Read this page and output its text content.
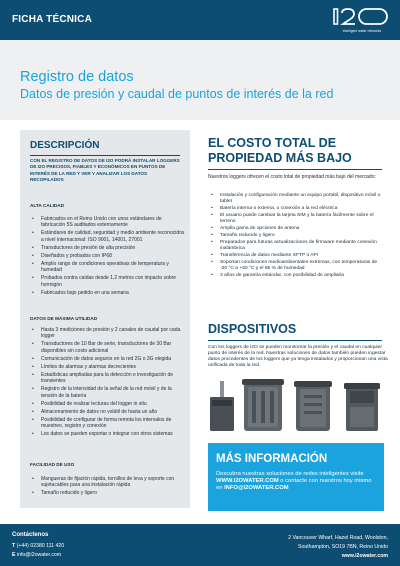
FICHA TÉCNICA
intelligent water networks
Registro de datos
Datos de presión y caudal de puntos de interés de la red
DESCRIPCIÓN
CON EL REGISTRO DE DATOS DE I2O PODRÁ INSTALAR LOGGERS DE I2O PRECISOS, FIABLES Y ECONÓMICOS EN PUNTOS DE INTERÉS DE LA RED Y VER Y ANALIZAR LOS DATOS RECOPILADOS
ALTA CALIDAD
• Fabricados en el Reino Unido con unos estándares de fabricación 5S auditados externamente
• Estándares de calidad, seguridad y medio ambiente reconocidos a nivel internacional: ISO 9001, 14001, 27001
• Transductores de presión de alta precisión
• Diseñados y probados con IP68
• Amplio rango de condiciones operativas de temperatura y humedad
• Probados contra caídas desde 1,2 metros con impacto sobre hormigón
• Fabricados bajo pedido en una semana
DATOS DE MÁXIMA UTILIDAD
• Hasta 3 mediciones de presión y 2 canales de caudal por cada logger
• Transductores de 10 Bar de serie, transductores de 30 Bar disponibles sin costo adicional
• Comunicación de datos seguros en la red 2G o 3G elegida
• Límites de alarmas y alarmas decrecientes
• Estadísticas ampliadas para la detección e investigación de transientes
• Registro de la intensidad de la señal de la red móvil y de la tensión de la batería
• Posibilidad de realizar lecturas del logger in situ
• Almacenamiento de datos no volátil de hasta un año
• Posibilidad de configurar de forma remota los intervalos de muestreo, registro y conexión
• Los datos se pueden exportar o integrar con otros sistemas
FACILIDAD DE USO
• Mangueras de fijación rápida, tornillos de leva y soporte con sujetacables para una instalación rápida
• Tamaño reducido y ligero
EL COSTO TOTAL DE PROPIEDAD MÁS BAJO
Nuestros loggers ofrecen el costo total de propiedad más bajo del mercado:
• Instalación y configuración mediante un equipo portátil, dispositivo móvil o tablet
• Batería interna o externa, o conexión a la red eléctrica
• El usuario puede cambiar la tarjeta SIM y la batería fácilmente sobre el terreno
• Amplia gama de opciones de antena
• Tamaño reducido y ligero
• Preparados para futuras actualizaciones de firmware mediante conexión inalámbrica
• Transferencia de datos mediante SFTP o API
• Soportan condiciones medioambientales extremas, con temperaturas de -20 °C a +50 °C y el 85 % de humedad
• 3 años de garantía estándar, con posibilidad de ampliarla
DISPOSITIVOS
Con los loggers de i2O se pueden monitorear la presión y el caudal en cualquier punto de interés de la red. Nuestras soluciones de datos también pueden ingestar datos procedentes de los loggers que ya tenga instalados y proporcionan una vista unificada de toda la red.
MÁS INFORMACIÓN
Descubra nuestras soluciones de redes inteligentes visite WWW.I2OWATER.COM o contacte con nuestros hoy mismo en INFO@I2OWATER.COM
Contáctenos
T (+44) 02380 111 420
E info@i2owater.com
2 Vancouver Wharf, Hazel Road, Woolston,
Southampton, SO19 7BN, Reino Unido
www.i2owater.com
